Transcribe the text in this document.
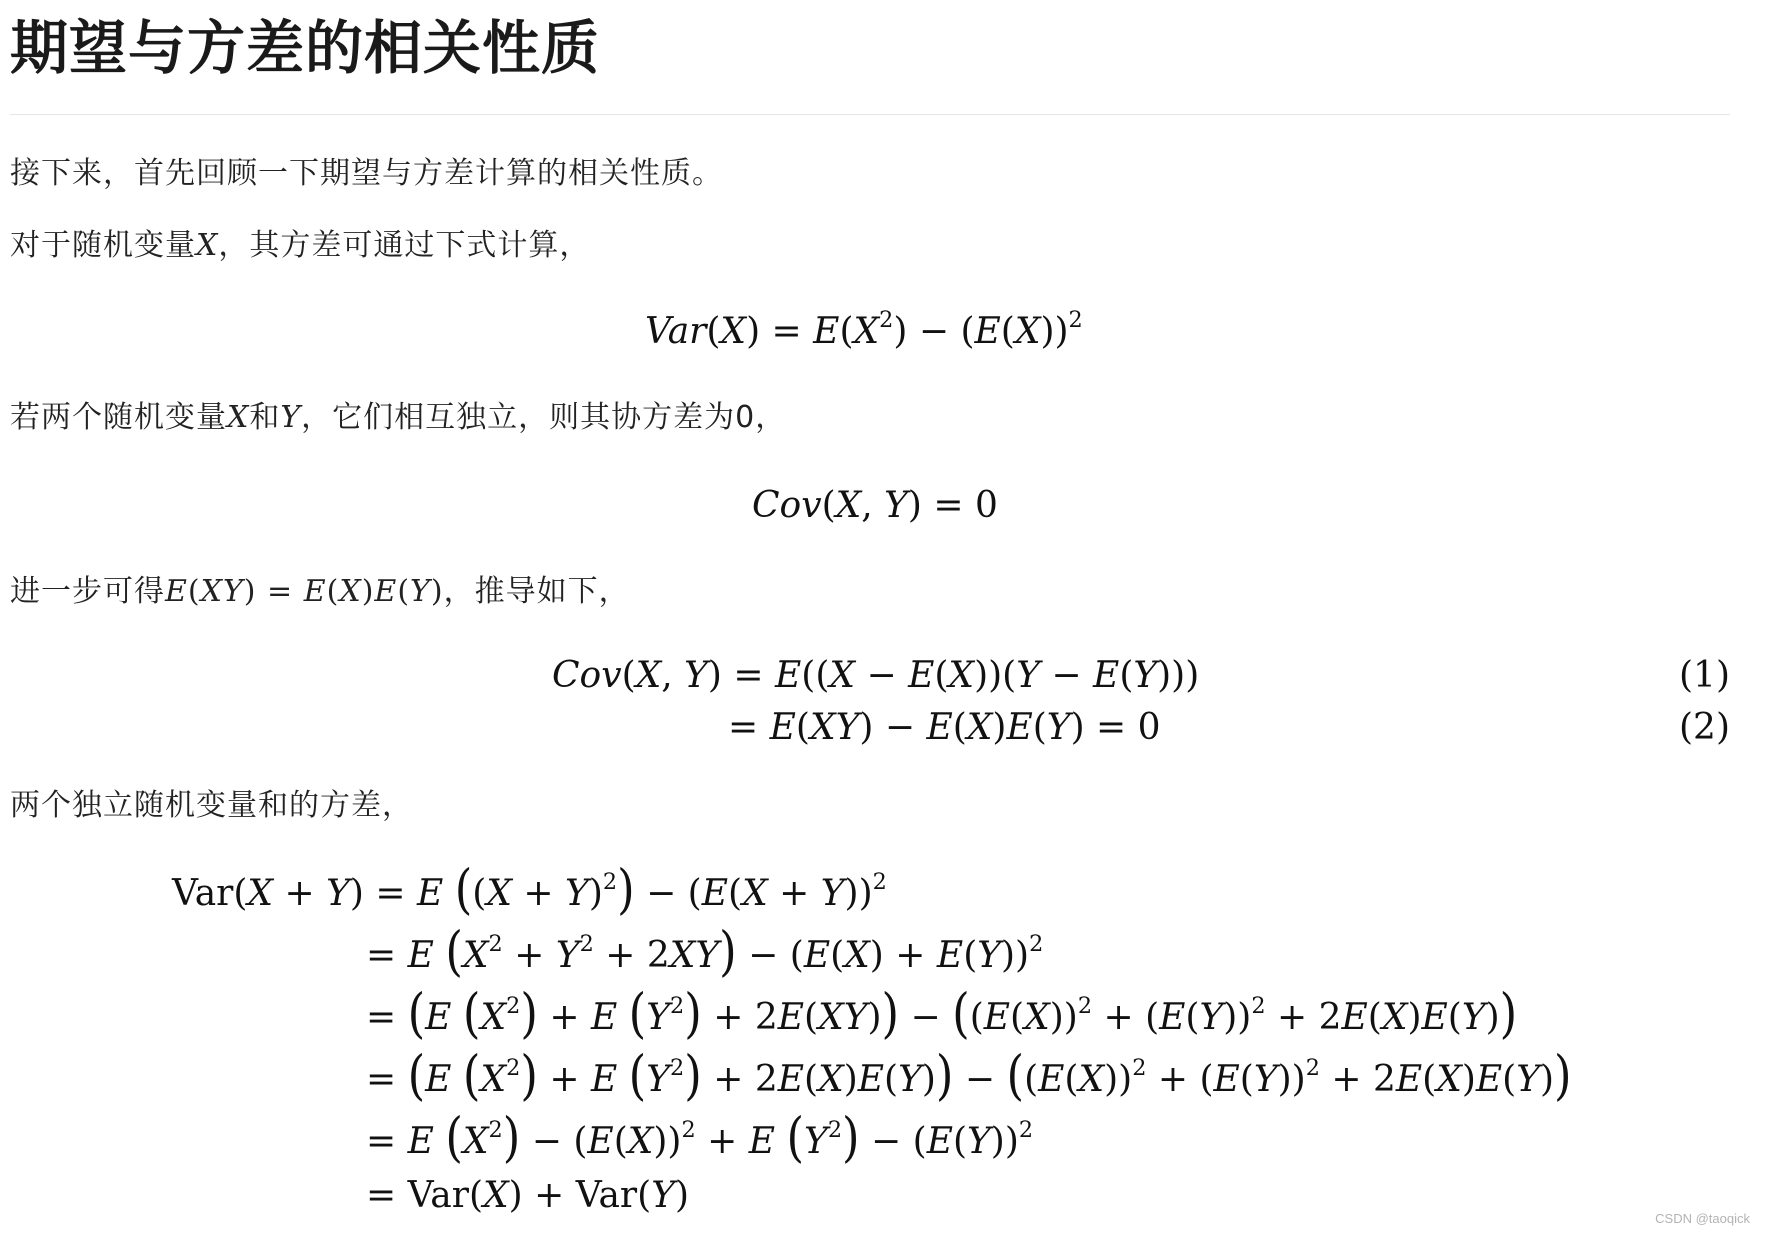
期望与方差的相关性质

接下来，首先回顾一下期望与方差计算的相关性质。

对于随机变量X，其方差可通过下式计算，

$Var(X) = E(X^2) - (E(X))^2$

若两个随机变量X和Y，它们相互独立，则其协方差为0，

Cov(X, Y) = 0

进一步可得E(XY) = E(X)E(Y)，推导如下，

Cov(X, Y) = E((X − E(X))(Y − E(Y)))
= E(XY) − E(X)E(Y) = 0
(1)
(2)

两个独立随机变量和的方差，

Var(X + Y) = E $((X + Y)^2) - (E(X + Y))^2$
= E $(X^2 + Y^2 + 2XY) - (E(X) + E(Y))^2$
= (E $(X^2) + E$ $(Y^2) + 2E(XY)) - ((E(X))^2 + (E(Y))^2 + 2E(X)E(Y))$
= (E $(X^2) + E$ $(Y^2) + 2E(X)E(Y)) - ((E(X))^2 + (E(Y))^2 + 2E(X)E(Y))$
= E $(X^2) - (E(X))^2 + E$ $(Y^2) - (E(Y))^2$
= Var(X) + Var(Y)
CSDN @taoqick
